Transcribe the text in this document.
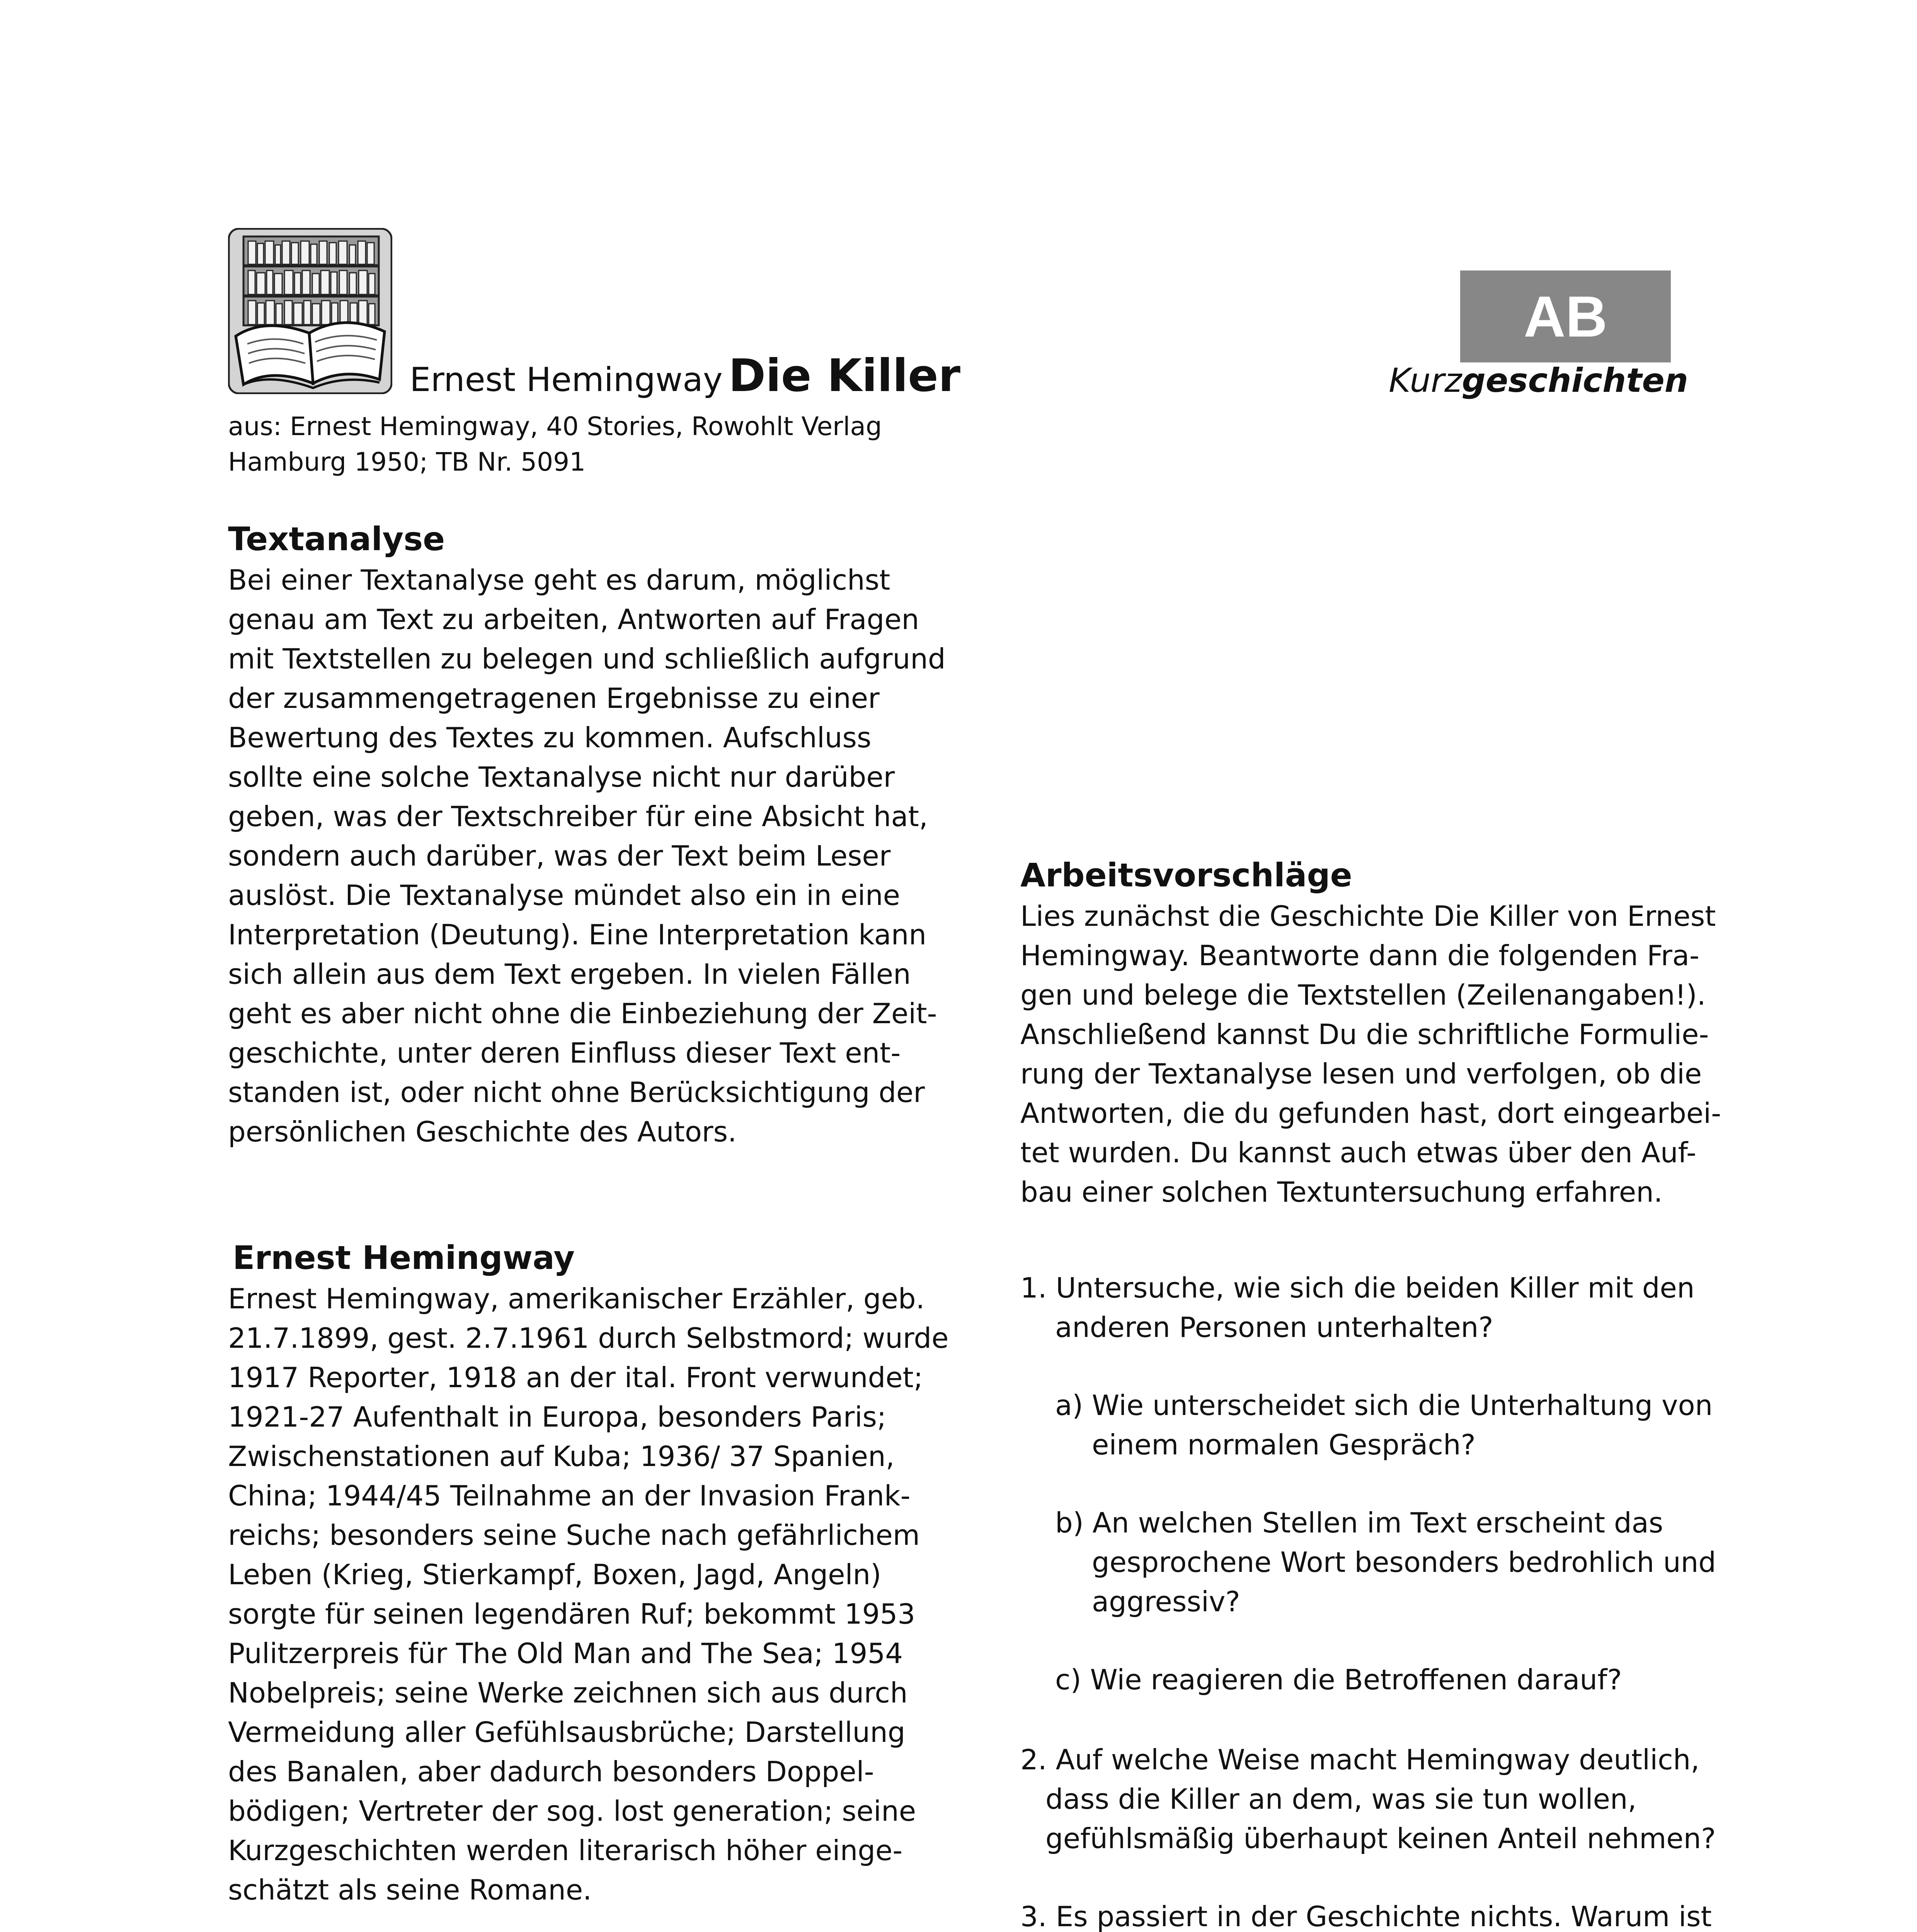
Ernest Hemingway Die Killer
aus: Ernest Hemingway, 40 Stories, Rowohlt Verlag
Hamburg 1950; TB Nr. 5091
AB
Kurzgeschichten
Textanalyse

Bei einer Textanalyse geht es darum, möglichst

genau am Text zu arbeiten, Antworten auf Fragen

mit Textstellen zu belegen und schließlich aufgrund

der zusammengetragenen Ergebnisse zu einer

Bewertung des Textes zu kommen. Aufschluss

sollte eine solche Textanalyse nicht nur darüber

geben, was der Textschreiber für eine Absicht hat,

sondern auch darüber, was der Text beim Leser

auslöst. Die Textanalyse mündet also ein in eine

Interpretation (Deutung). Eine Interpretation kann

sich allein aus dem Text ergeben. In vielen Fällen

geht es aber nicht ohne die Einbeziehung der Zeit-

geschichte, unter deren Einfluss dieser Text ent-

standen ist, oder nicht ohne Berücksichtigung der

persönlichen Geschichte des Autors.

Ernest Hemingway

Ernest Hemingway, amerikanischer Erzähler, geb.

21.7.1899, gest. 2.7.1961 durch Selbstmord; wurde

1917 Reporter, 1918 an der ital. Front verwundet;

1921-27 Aufenthalt in Europa, besonders Paris;

Zwischenstationen auf Kuba; 1936/ 37 Spanien,

China; 1944/45 Teilnahme an der Invasion Frank-

reichs; besonders seine Suche nach gefährlichem

Leben (Krieg, Stierkampf, Boxen, Jagd, Angeln)

sorgte für seinen legendären Ruf; bekommt 1953

Pulitzerpreis für The Old Man and The Sea; 1954

Nobelpreis; seine Werke zeichnen sich aus durch

Vermeidung aller Gefühlsausbrüche; Darstellung

des Banalen, aber dadurch besonders Doppel-

bödigen; Vertreter der sog. lost generation; seine

Kurzgeschichten werden literarisch höher einge-

schätzt als seine Romane.

Arbeitsvorschläge

Lies zunächst die Geschichte Die Killer von Ernest

Hemingway. Beantworte dann die folgenden Fra-

gen und belege die Textstellen (Zeilenangaben!).

Anschließend kannst Du die schriftliche Formulie-

rung der Textanalyse lesen und verfolgen, ob die

Antworten, die du gefunden hast, dort eingearbei-

tet wurden. Du kannst auch etwas über den Auf-

bau einer solchen Textuntersuchung erfahren.

1. Untersuche, wie sich die beiden Killer mit den
anderen Personen unterhalten?
a) Wie unterscheidet sich die Unterhaltung von
einem normalen Gespräch?
b) An welchen Stellen im Text erscheint das
gesprochene Wort besonders bedrohlich und
aggressiv?
c) Wie reagieren die Betroffenen darauf?
2. Auf welche Weise macht Hemingway deutlich,
dass die Killer an dem, was sie tun wollen,
gefühlsmäßig überhaupt keinen Anteil nehmen?
3. Es passiert in der Geschichte nichts. Warum ist
